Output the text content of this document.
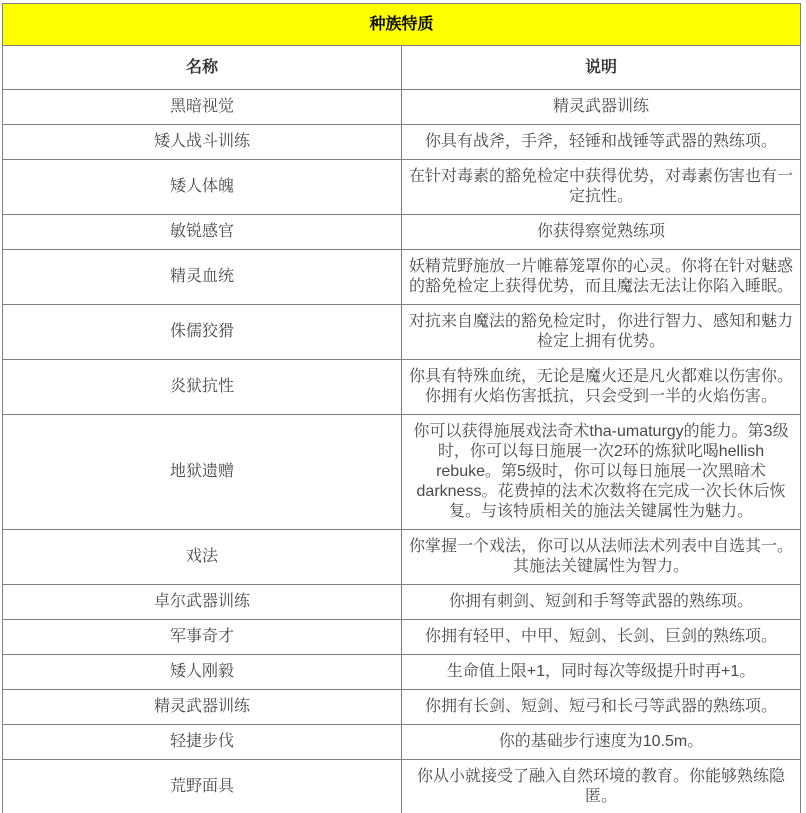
种族特质	
名称	说明
黑暗视觉	精灵武器训练
矮人战斗训练	你具有战斧，手斧，轻锤和战锤等武器的熟练项。
矮人体魄	在针对毒素的豁免检定中获得优势，对毒素伤害也有一定抗性。
敏锐感官	你获得察觉熟练项
精灵血统	妖精荒野施放一片帷幕笼罩你的心灵。你将在针对魅惑的豁免检定上获得优势，而且魔法无法让你陷入睡眠。
侏儒狡猾	对抗来自魔法的豁免检定时，你进行智力、感知和魅力检定上拥有优势。
炎狱抗性	你具有特殊血统，无论是魔火还是凡火都难以伤害你。你拥有火焰伤害抵抗，只会受到一半的火焰伤害。
地狱遗赠	你可以获得施展戏法奇术tha-umaturgy的能力。第3级时，你可以每日施展一次2环的炼狱叱喝hellish rebuke。第5级时，你可以每日施展一次黑暗术darkness。花费掉的法术次数将在完成一次长休后恢复。与该特质相关的施法关键属性为魅力。
戏法	你掌握一个戏法，你可以从法师法术列表中自选其一。其施法关键属性为智力。
卓尔武器训练	你拥有刺剑、短剑和手弩等武器的熟练项。
军事奇才	你拥有轻甲、中甲、短剑、长剑、巨剑的熟练项。
矮人刚毅	生命值上限+1，同时每次等级提升时再+1。
精灵武器训练	你拥有长剑、短剑、短弓和长弓等武器的熟练项。
轻捷步伐	你的基础步行速度为10.5m。
荒野面具	你从小就接受了融入自然环境的教育。你能够熟练隐匿。
